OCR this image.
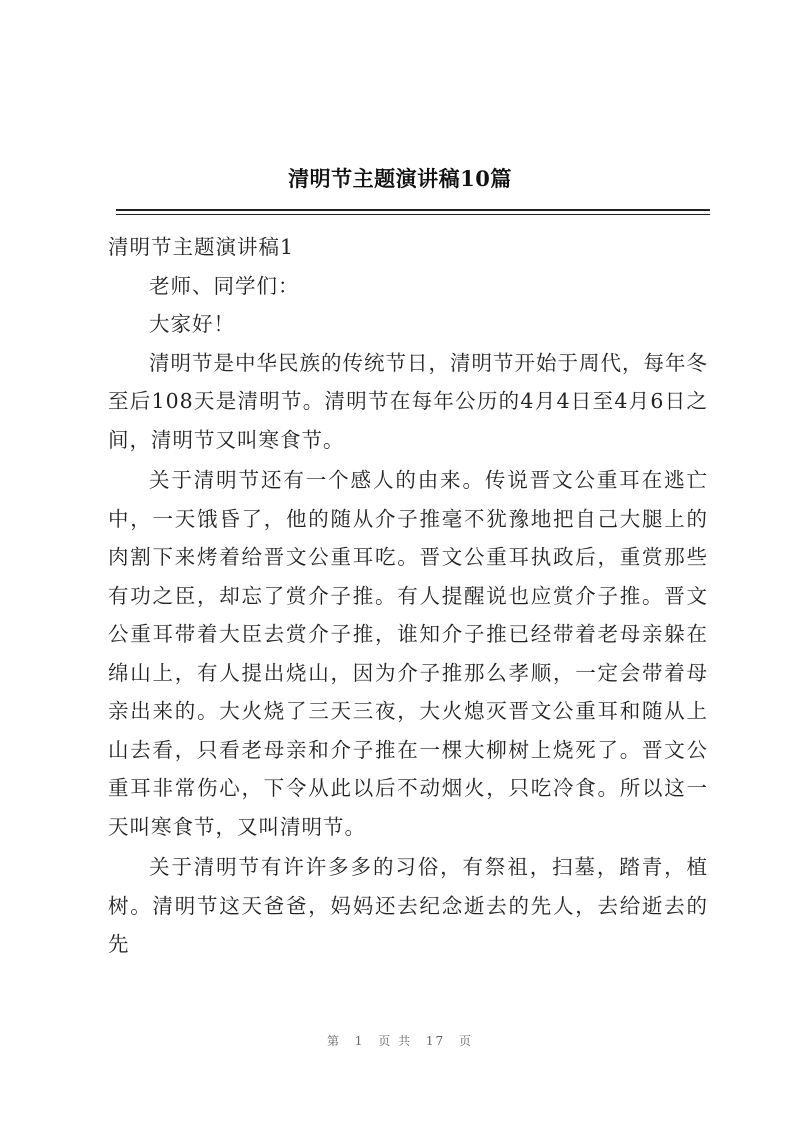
清明节主题演讲稿10篇

清明节主题演讲稿1

老师、同学们：

大家好！

清明节是中华民族的传统节日，清明节开始于周代，每年冬至后108天是清明节。清明节在每年公历的4月4日至4月6日之间，清明节又叫寒食节。

关于清明节还有一个感人的由来。传说晋文公重耳在逃亡中，一天饿昏了，他的随从介子推毫不犹豫地把自己大腿上的肉割下来烤着给晋文公重耳吃。晋文公重耳执政后，重赏那些有功之臣，却忘了赏介子推。有人提醒说也应赏介子推。晋文公重耳带着大臣去赏介子推，谁知介子推已经带着老母亲躲在绵山上，有人提出烧山，因为介子推那么孝顺，一定会带着母亲出来的。大火烧了三天三夜，大火熄灭晋文公重耳和随从上山去看，只看老母亲和介子推在一棵大柳树上烧死了。晋文公重耳非常伤心，下令从此以后不动烟火，只吃冷食。所以这一天叫寒食节，又叫清明节。

关于清明节有许许多多的习俗，有祭祖，扫墓，踏青，植树。清明节这天爸爸，妈妈还去纪念逝去的先人，去给逝去的先

第 1 页 共 17 页
